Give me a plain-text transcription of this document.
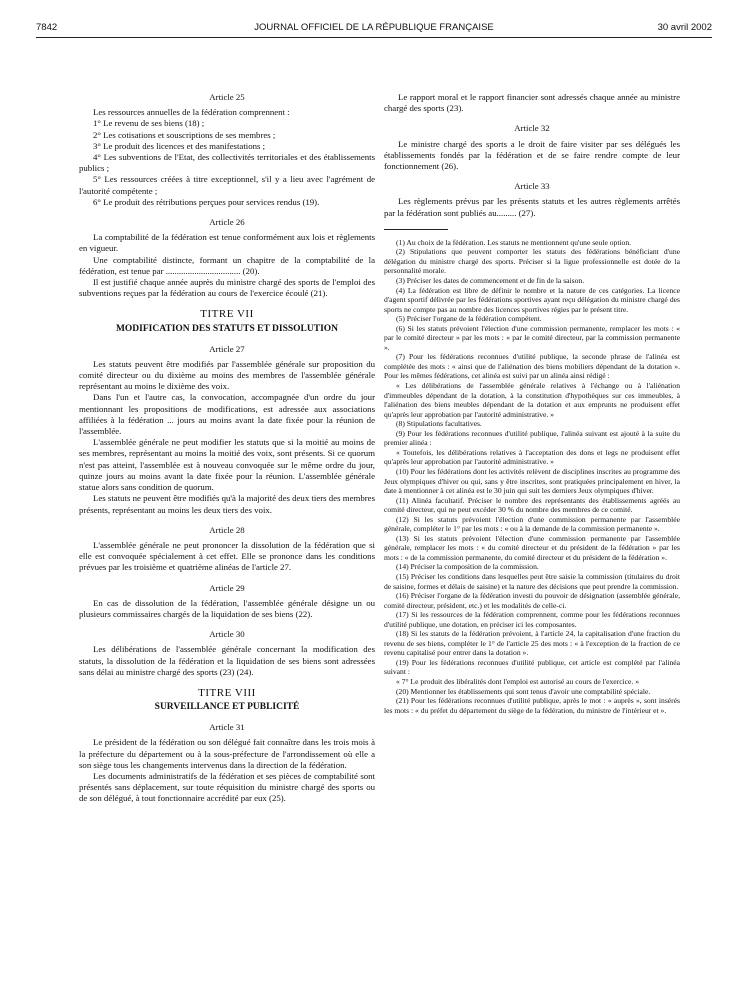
7842	JOURNAL OFFICIEL DE LA RÉPUBLIQUE FRANÇAISE	30 avril 2002
Article 25

Les ressources annuelles de la fédération comprennent :

1° Le revenu de ses biens (18) ;

2° Les cotisations et souscriptions de ses membres ;

3° Le produit des licences et des manifestations ;

4° Les subventions de l'Etat, des collectivités territoriales et des établissements publics ;

5° Les ressources créées à titre exceptionnel, s'il y a lieu avec l'agrément de l'autorité compétente ;

6° Le produit des rétributions perçues pour services rendus (19).

Article 26

La comptabilité de la fédération est tenue conformément aux lois et règlements en vigueur.

Une comptabilité distincte, formant un chapitre de la comptabilité de la fédération, est tenue par .................................. (20).

Il est justifié chaque année auprès du ministre chargé des sports de l'emploi des subventions reçues par la fédération au cours de l'exercice écoulé (21).

TITRE VII
MODIFICATION DES STATUTS ET DISSOLUTION
Article 27

Les statuts peuvent être modifiés par l'assemblée générale sur proposition du comité directeur ou du dixième au moins des membres de l'assemblée générale représentant au moins le dixième des voix.

Dans l'un et l'autre cas, la convocation, accompagnée d'un ordre du jour mentionnant les propositions de modifications, est adressée aux associations affiliées à la fédération ... jours au moins avant la date fixée pour la réunion de l'assemblée.

L'assemblée générale ne peut modifier les statuts que si la moitié au moins de ses membres, représentant au moins la moitié des voix, sont présents. Si ce quorum n'est pas atteint, l'assemblée est à nouveau convoquée sur le même ordre du jour, quinze jours au moins avant la date fixée pour la réunion. L'assemblée générale statue alors sans condition de quorum.

Les statuts ne peuvent être modifiés qu'à la majorité des deux tiers des membres présents, représentant au moins les deux tiers des voix.

Article 28

L'assemblée générale ne peut prononcer la dissolution de la fédération que si elle est convoquée spécialement à cet effet. Elle se prononce dans les conditions prévues par les troisième et quatrième alinéas de l'article 27.

Article 29

En cas de dissolution de la fédération, l'assemblée générale désigne un ou plusieurs commissaires chargés de la liquidation de ses biens (22).

Article 30

Les délibérations de l'assemblée générale concernant la modification des statuts, la dissolution de la fédération et la liquidation de ses biens sont adressées sans délai au ministre chargé des sports (23) (24).

TITRE VIII
SURVEILLANCE ET PUBLICITÉ
Article 31

Le président de la fédération ou son délégué fait connaître dans les trois mois à la préfecture du département ou à la sous-préfecture de l'arrondissement où elle a son siège tous les changements intervenus dans la direction de la fédération.

Les documents administratifs de la fédération et ses pièces de comptabilité sont présentés sans déplacement, sur toute réquisition du ministre chargé des sports ou de son délégué, à tout fonctionnaire accrédité par eux (25).

Le rapport moral et le rapport financier sont adressés chaque année au ministre chargé des sports (23).

Article 32

Le ministre chargé des sports a le droit de faire visiter par ses délégués les établissements fondés par la fédération et de se faire rendre compte de leur fonctionnement (26).

Article 33

Les règlements prévus par les présents statuts et les autres règlements arrêtés par la fédération sont publiés au......... (27).

(1) Au choix de la fédération. Les statuts ne mentionnent qu'une seule option.

(2) Stipulations que peuvent comporter les statuts des fédérations bénéficiant d'une délégation du ministre chargé des sports. Préciser si la ligue professionnelle est dotée de la personnalité morale.

(3) Préciser les dates de commencement et de fin de la saison.

(4) La fédération est libre de définir le nombre et la nature de ces catégories. La licence d'agent sportif délivrée par les fédérations sportives ayant reçu délégation du ministre chargé des sports ne compte pas au nombre des licences sportives régies par le présent titre.

(5) Préciser l'organe de la fédération compétent.

(6) Si les statuts prévoient l'élection d'une commission permanente, remplacer les mots : « par le comité directeur » par les mots : « par le comité directeur, par la commission permanente ».

(7) Pour les fédérations reconnues d'utilité publique, la seconde phrase de l'alinéa est complétée des mots : « ainsi que de l'aliénation des biens mobiliers dépendant de la dotation ». Pour les mêmes fédérations, cet alinéa est suivi par un alinéa ainsi rédigé :

« Les délibérations de l'assemblée générale relatives à l'échange ou à l'aliénation d'immeubles dépendant de la dotation, à la constitution d'hypothèques sur ces immeubles, à l'aliénation des biens meubles dépendant de la dotation et aux emprunts ne produisent effet qu'après leur approbation par l'autorité administrative. »

(8) Stipulations facultatives.

(9) Pour les fédérations reconnues d'utilité publique, l'alinéa suivant est ajouté à la suite du premier alinéa :

« Toutefois, les délibérations relatives à l'acceptation des dons et legs ne produisent effet qu'après leur approbation par l'autorité administrative. »

(10) Pour les fédérations dont les activités relèvent de disciplines inscrites au programme des Jeux olympiques d'hiver ou qui, sans y être inscrites, sont pratiquées principalement en hiver, la date à mentionner à cet alinéa est le 30 juin qui suit les derniers Jeux olympiques d'hiver.

(11) Alinéa facultatif. Préciser le nombre des représentants des établissements agréés au comité directeur, qui ne peut excéder 30 % du nombre des membres de ce comité.

(12) Si les statuts prévoient l'élection d'une commission permanente par l'assemblée générale, compléter le 1° par les mots : « ou à la demande de la commission permanente ».

(13) Si les statuts prévoient l'élection d'une commission permanente par l'assemblée générale, remplacer les mots : « du comité directeur et du président de la fédération » par les mots : « de la commission permanente, du comité directeur et du président de la fédération ».

(14) Préciser la composition de la commission.

(15) Préciser les conditions dans lesquelles peut être saisie la commission (titulaires du droit de saisine, formes et délais de saisine) et la nature des décisions que peut prendre la commission.

(16) Préciser l'organe de la fédération investi du pouvoir de désignation (assemblée générale, comité directeur, président, etc.) et les modalités de celle-ci.

(17) Si les ressources de la fédération comprennent, comme pour les fédérations reconnues d'utilité publique, une dotation, en préciser ici les composantes.

(18) Si les statuts de la fédération prévoient, à l'article 24, la capitalisation d'une fraction du revenu de ses biens, compléter le 1° de l'article 25 des mots : « à l'exception de la fraction de ce revenu capitalisé pour entrer dans la dotation ».

(19) Pour les fédérations reconnues d'utilité publique, cet article est complété par l'alinéa suivant :

« 7° Le produit des libéralités dont l'emploi est autorisé au cours de l'exercice. »

(20) Mentionner les établissements qui sont tenus d'avoir une comptabilité spéciale.

(21) Pour les fédérations reconnues d'utilité publique, après le mot : « auprès », sont insérés les mots : « du préfet du département du siège de la fédération, du ministre de l'intérieur et ».
